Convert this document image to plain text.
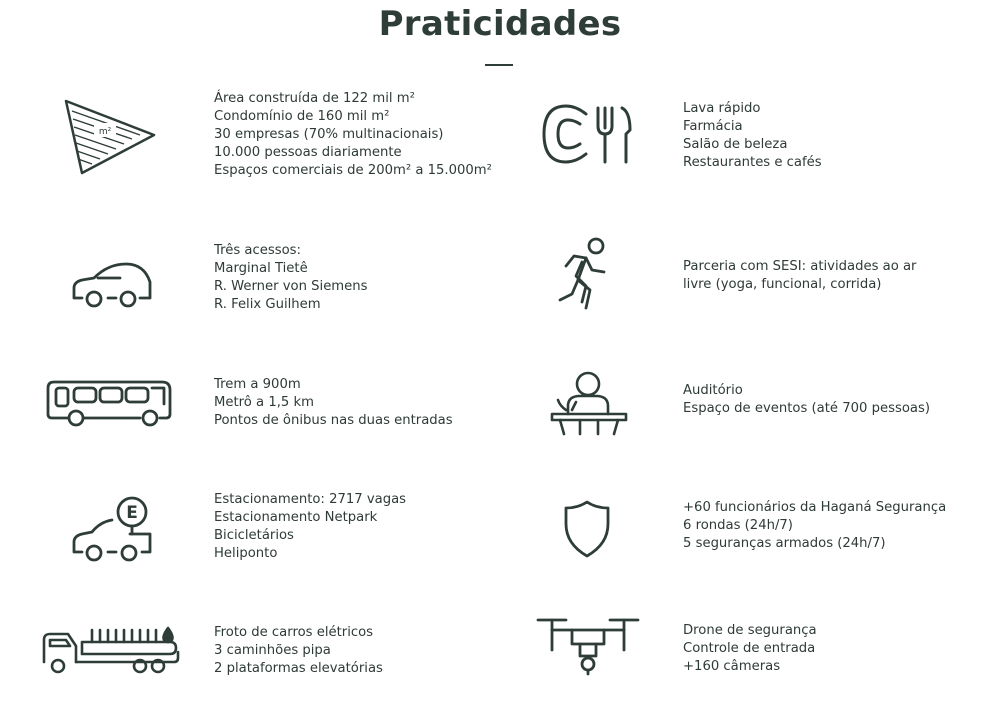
Praticidades
m²
Área construída de 122 mil m²
Condomínio de 160 mil m²
30 empresas (70% multinacionais)
10.000 pessoas diariamente
Espaços comerciais de 200m² a 15.000m²
Três acessos:
Marginal Tietê
R. Werner von Siemens
R. Felix Guilhem
Trem a 900m
Metrô a 1,5 km
Pontos de ônibus nas duas entradas
E
Estacionamento: 2717 vagas
Estacionamento Netpark
Bicicletários
Heliponto
Froto de carros elétricos
3 caminhões pipa
2 plataformas elevatórias
Lava rápido
Farmácia
Salão de beleza
Restaurantes e cafés
Parceria com SESI: atividades ao ar
livre (yoga, funcional, corrida)
Auditório
Espaço de eventos (até 700 pessoas)
+60 funcionários da Haganá Segurança
6 rondas (24h/7)
5 seguranças armados (24h/7)
Drone de segurança
Controle de entrada
+160 câmeras
